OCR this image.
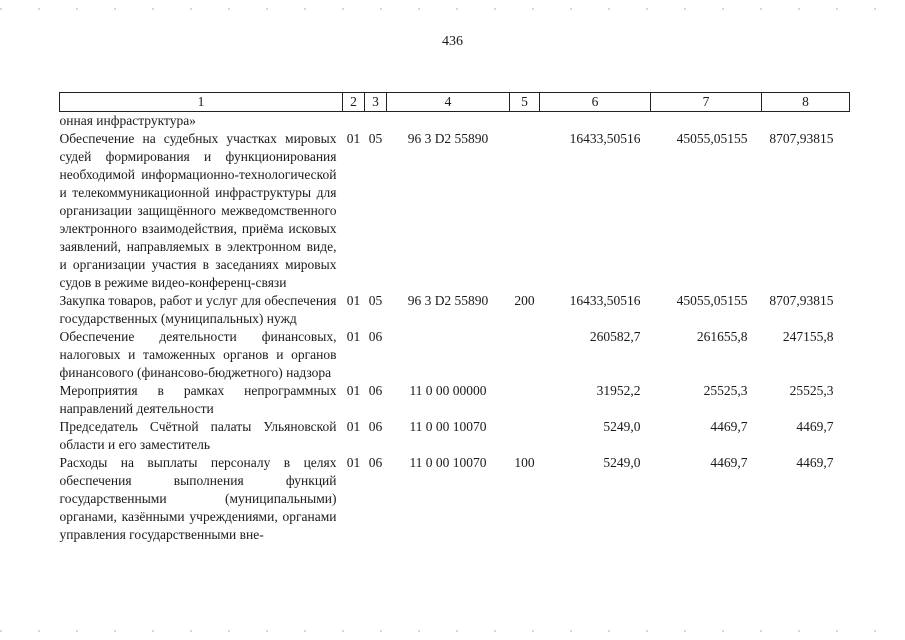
436
1	2	3	4	5	6	7	8
онная инфраструктура»							
Обеспечение на судебных участках мировых судей формирования и функционирования необходимой информационно-технологической и телекоммуникационной инфраструктуры для организации защищённого межведомственного электронного взаимодействия, приёма исковых заявлений, направляемых в электронном виде, и организации участия в заседаниях мировых судов в режиме видео-конференц-связи	01	05	96 3 D2 55890		16433,50516	45055,05155	8707,93815
Закупка товаров, работ и услуг для обеспечения государственных (муниципальных) нужд	01	05	96 3 D2 55890	200	16433,50516	45055,05155	8707,93815
Обеспечение деятельности финансовых, налоговых и таможенных органов и органов финансового (финансово-бюджетного) надзора	01	06			260582,7	261655,8	247155,8
Мероприятия в рамках непрограммных направлений деятельности	01	06	11 0 00 00000		31952,2	25525,3	25525,3
Председатель Счётной палаты Ульяновской области и его заместитель	01	06	11 0 00 10070		5249,0	4469,7	4469,7
Расходы на выплаты персоналу в целях обеспечения выполнения функций государственными (муниципальными) органами, казёнными учреждениями, органами управления государственными вне-	01	06	11 0 00 10070	100	5249,0	4469,7	4469,7
